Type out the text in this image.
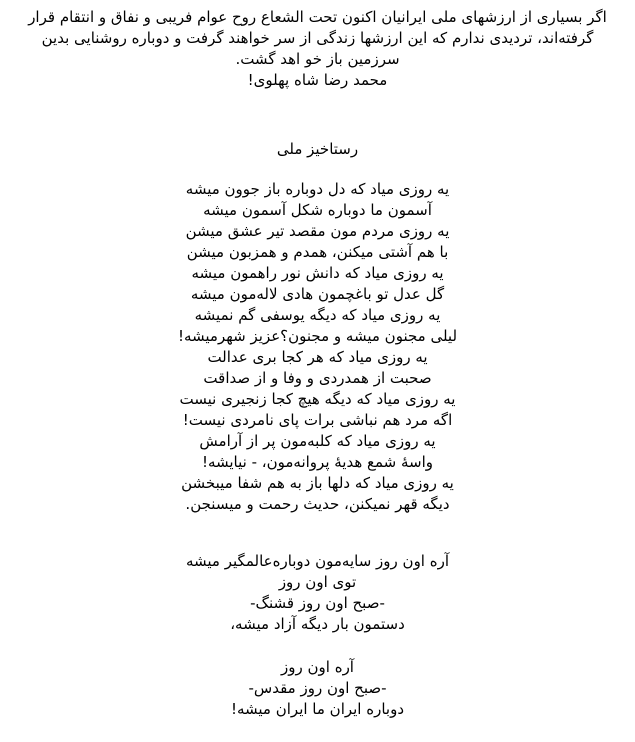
اگر بسیاری از ارزشهای ملی ایرانیان اکنون تحت الشعاع روح عوام فریبی و نفاق و انتقام قرار
گرفته‌اند، تردیدی ندارم که این ارزشها زندگی از سر خواهند گرفت و دوباره روشنایی بدین
سرزمین باز خو اهد گشت.
محمد رضا شاه پهلوی!
رستاخیز ملی
یه روزی میاد که دل دوباره باز جوون میشه
آسمون ما دوباره شکل آسمون میشه
یه روزی مردم مون مقصد تیر عشق میشن
با هم آشتی میکنن، همدم و همزبون میشن
یه روزی میاد که دانش نور راهمون میشه
گل عدل تو باغچمون هادی لاله‌مون میشه
یه روزی میاد که دیگه یوسفی گم نمیشه
لیلی مجنون میشه و مجنون؟عزیز شهرمیشه!
یه روزی میاد که هر کجا بری عدالت
صحبت از همدردی و وفا و از صداقت
یه روزی میاد که دیگه هیچ کجا زنجیری نیست
اگه مرد هم نباشی برات پای نامردی نیست!
یه روزی میاد که کلبه‌مون پر از آرامش
واسهٔ شمع هدیهٔ پروانه‌مون، - نیایشه!
یه روزی میاد که دلها باز به هم شفا میبخشن
دیگه قهر نمیکنن، حدیث رحمت و میسنجن.
آره اون روز سایه‌مون دوباره‌عالمگیر میشه
توی اون روز
-صبح اون روز قشنگ-
دستمون بار دیگه آزاد میشه،
آره اون روز
-صبح اون روز مقدس-
دوباره ایران ما ایران میشه!
